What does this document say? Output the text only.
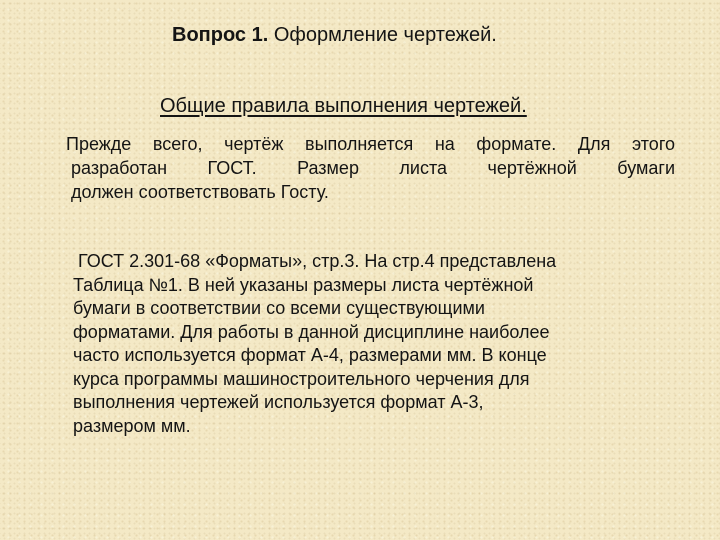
Вопрос 1. Оформление чертежей.
Общие правила выполнения чертежей.
Прежде всего, чертёж выполняется на формате. Для этого
разработан ГОСТ. Размер листа чертёжной бумаги
должен соответствовать Госту.
ГОСТ 2.301-68 «Форматы», стр.3. На стр.4 представлена
Таблица №1. В ней указаны размеры листа чертёжной
бумаги в соответствии со всеми существующими
форматами. Для работы в данной дисциплине наиболее
часто используется формат А-4, размерами мм. В конце
курса программы машиностроительного черчения для
выполнения чертежей используется формат А-3,
размером мм.
